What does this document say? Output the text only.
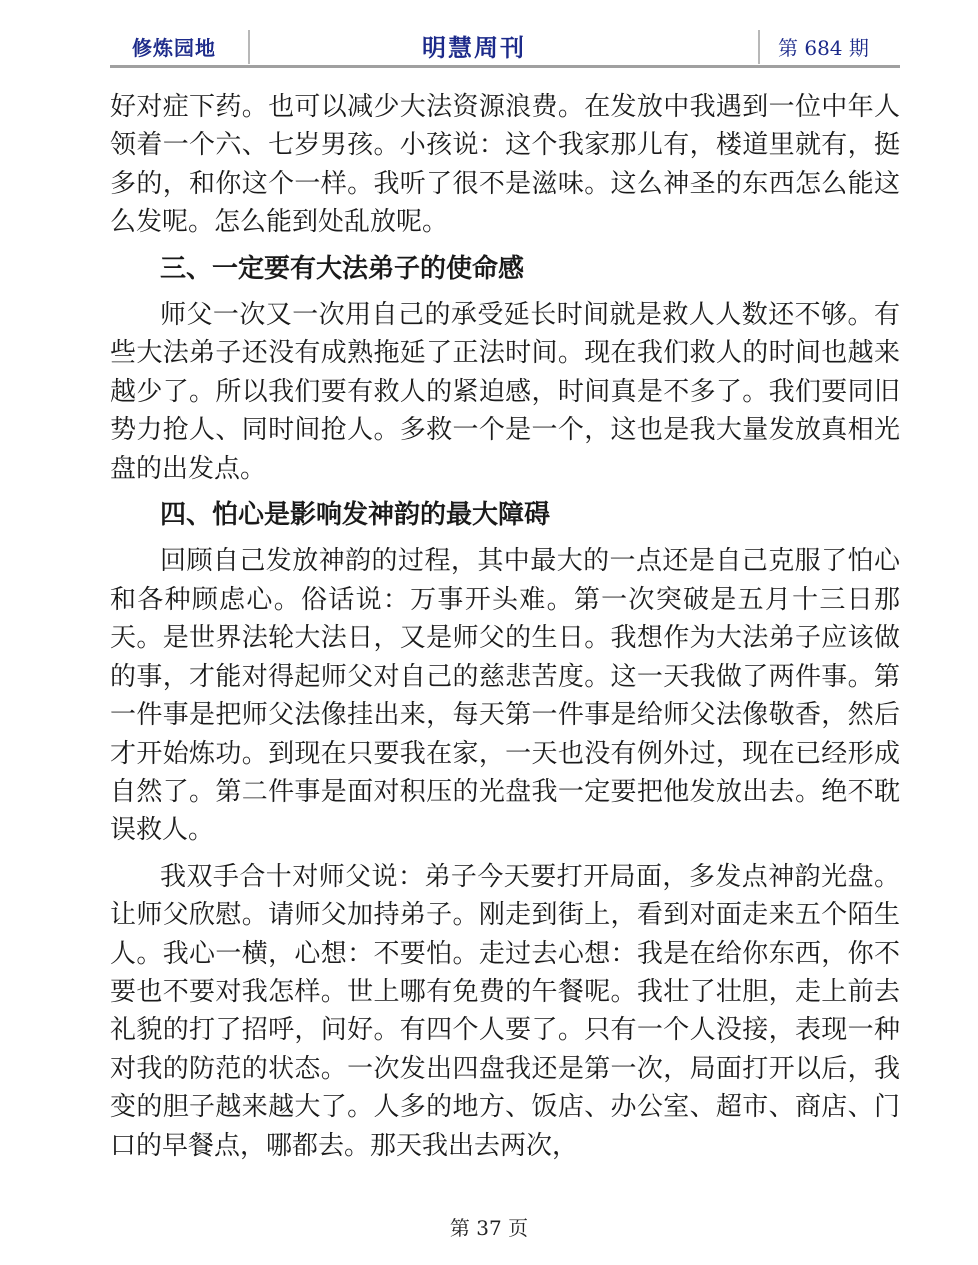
修炼园地	明慧周刊	第 684 期

好对症下药。也可以减少大法资源浪费。在发放中我遇到一位中年人领着一个六、七岁男孩。小孩说：这个我家那儿有，楼道里就有，挺多的，和你这个一样。我听了很不是滋味。这么神圣的东西怎么能这么发呢。怎么能到处乱放呢。

三、一定要有大法弟子的使命感

师父一次又一次用自己的承受延长时间就是救人人数还不够。有些大法弟子还没有成熟拖延了正法时间。现在我们救人的时间也越来越少了。所以我们要有救人的紧迫感，时间真是不多了。我们要同旧势力抢人、同时间抢人。多救一个是一个，这也是我大量发放真相光盘的出发点。

四、怕心是影响发神韵的最大障碍

回顾自己发放神韵的过程，其中最大的一点还是自己克服了怕心和各种顾虑心。俗话说：万事开头难。第一次突破是五月十三日那天。是世界法轮大法日，又是师父的生日。我想作为大法弟子应该做的事，才能对得起师父对自己的慈悲苦度。这一天我做了两件事。第一件事是把师父法像挂出来，每天第一件事是给师父法像敬香，然后才开始炼功。到现在只要我在家，一天也没有例外过，现在已经形成自然了。第二件事是面对积压的光盘我一定要把他发放出去。绝不耽误救人。

我双手合十对师父说：弟子今天要打开局面，多发点神韵光盘。让师父欣慰。请师父加持弟子。刚走到街上，看到对面走来五个陌生人。我心一横，心想：不要怕。走过去心想：我是在给你东西，你不要也不要对我怎样。世上哪有免费的午餐呢。我壮了壮胆，走上前去礼貌的打了招呼，问好。有四个人要了。只有一个人没接，表现一种对我的防范的状态。一次发出四盘我还是第一次，局面打开以后，我变的胆子越来越大了。人多的地方、饭店、办公室、超市、商店、门口的早餐点，哪都去。那天我出去两次，

第 37 页
